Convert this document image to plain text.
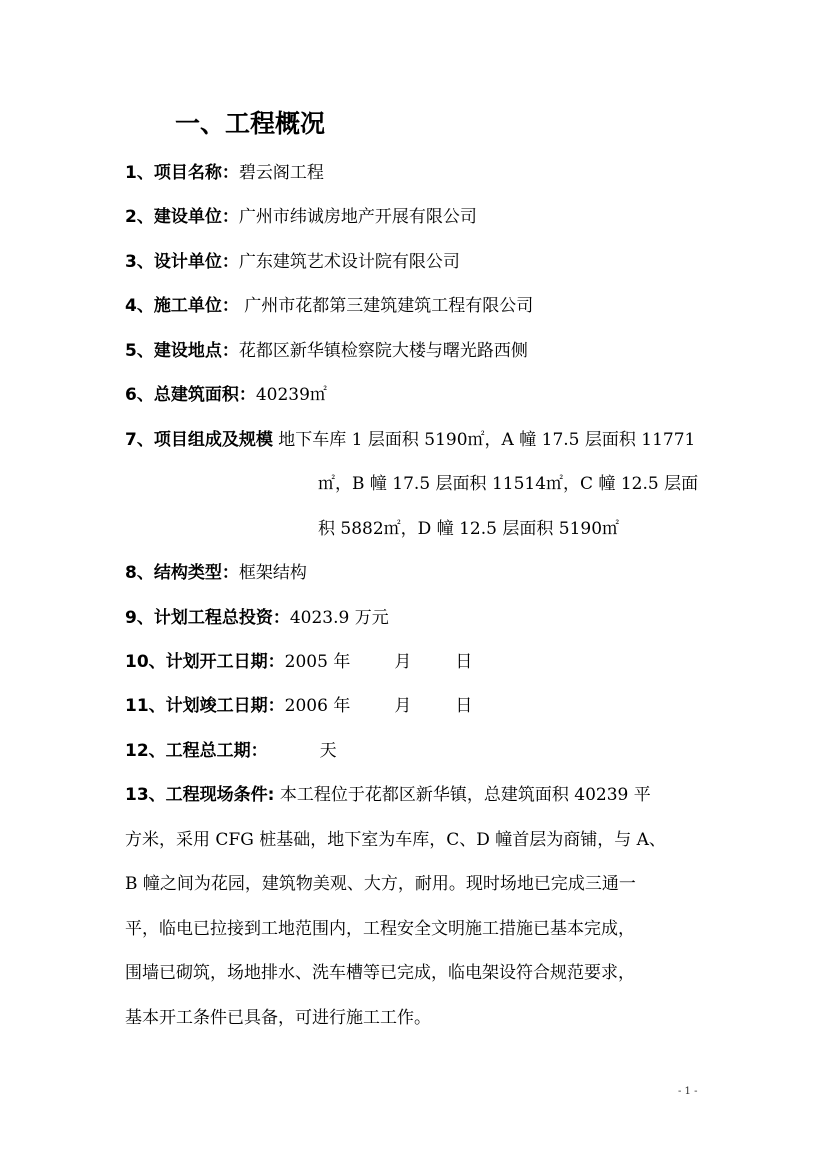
一、工程概况
1、项目名称：碧云阁工程
2、建设单位：广州市纬诚房地产开展有限公司
3、设计单位：广东建筑艺术设计院有限公司
4、施工单位： 广州市花都第三建筑建筑工程有限公司
5、建设地点：花都区新华镇检察院大楼与曙光路西侧
6、总建筑面积：40239㎡
7、项目组成及规模 地下车库 1 层面积 5190㎡，A 幢 17.5 层面积 11771
㎡，B 幢 17.5 层面积 11514㎡，C 幢 12.5 层面
积 5882㎡，D 幢 12.5 层面积 5190㎡
8、结构类型：框架结构
9、计划工程总投资：4023.9 万元
10、计划开工日期：2005 年	月	日
11、计划竣工日期：2006 年	月	日
12、工程总工期：	天
13、工程现场条件: 本工程位于花都区新华镇，总建筑面积 40239 平
方米，采用 CFG 桩基础，地下室为车库，C、D 幢首层为商铺，与 A、
B 幢之间为花园，建筑物美观、大方，耐用。现时场地已完成三通一
平，临电已拉接到工地范围内，工程安全文明施工措施已基本完成，
围墙已砌筑，场地排水、洗车槽等已完成，临电架设符合规范要求，
基本开工条件已具备，可进行施工工作。
- 1 -
